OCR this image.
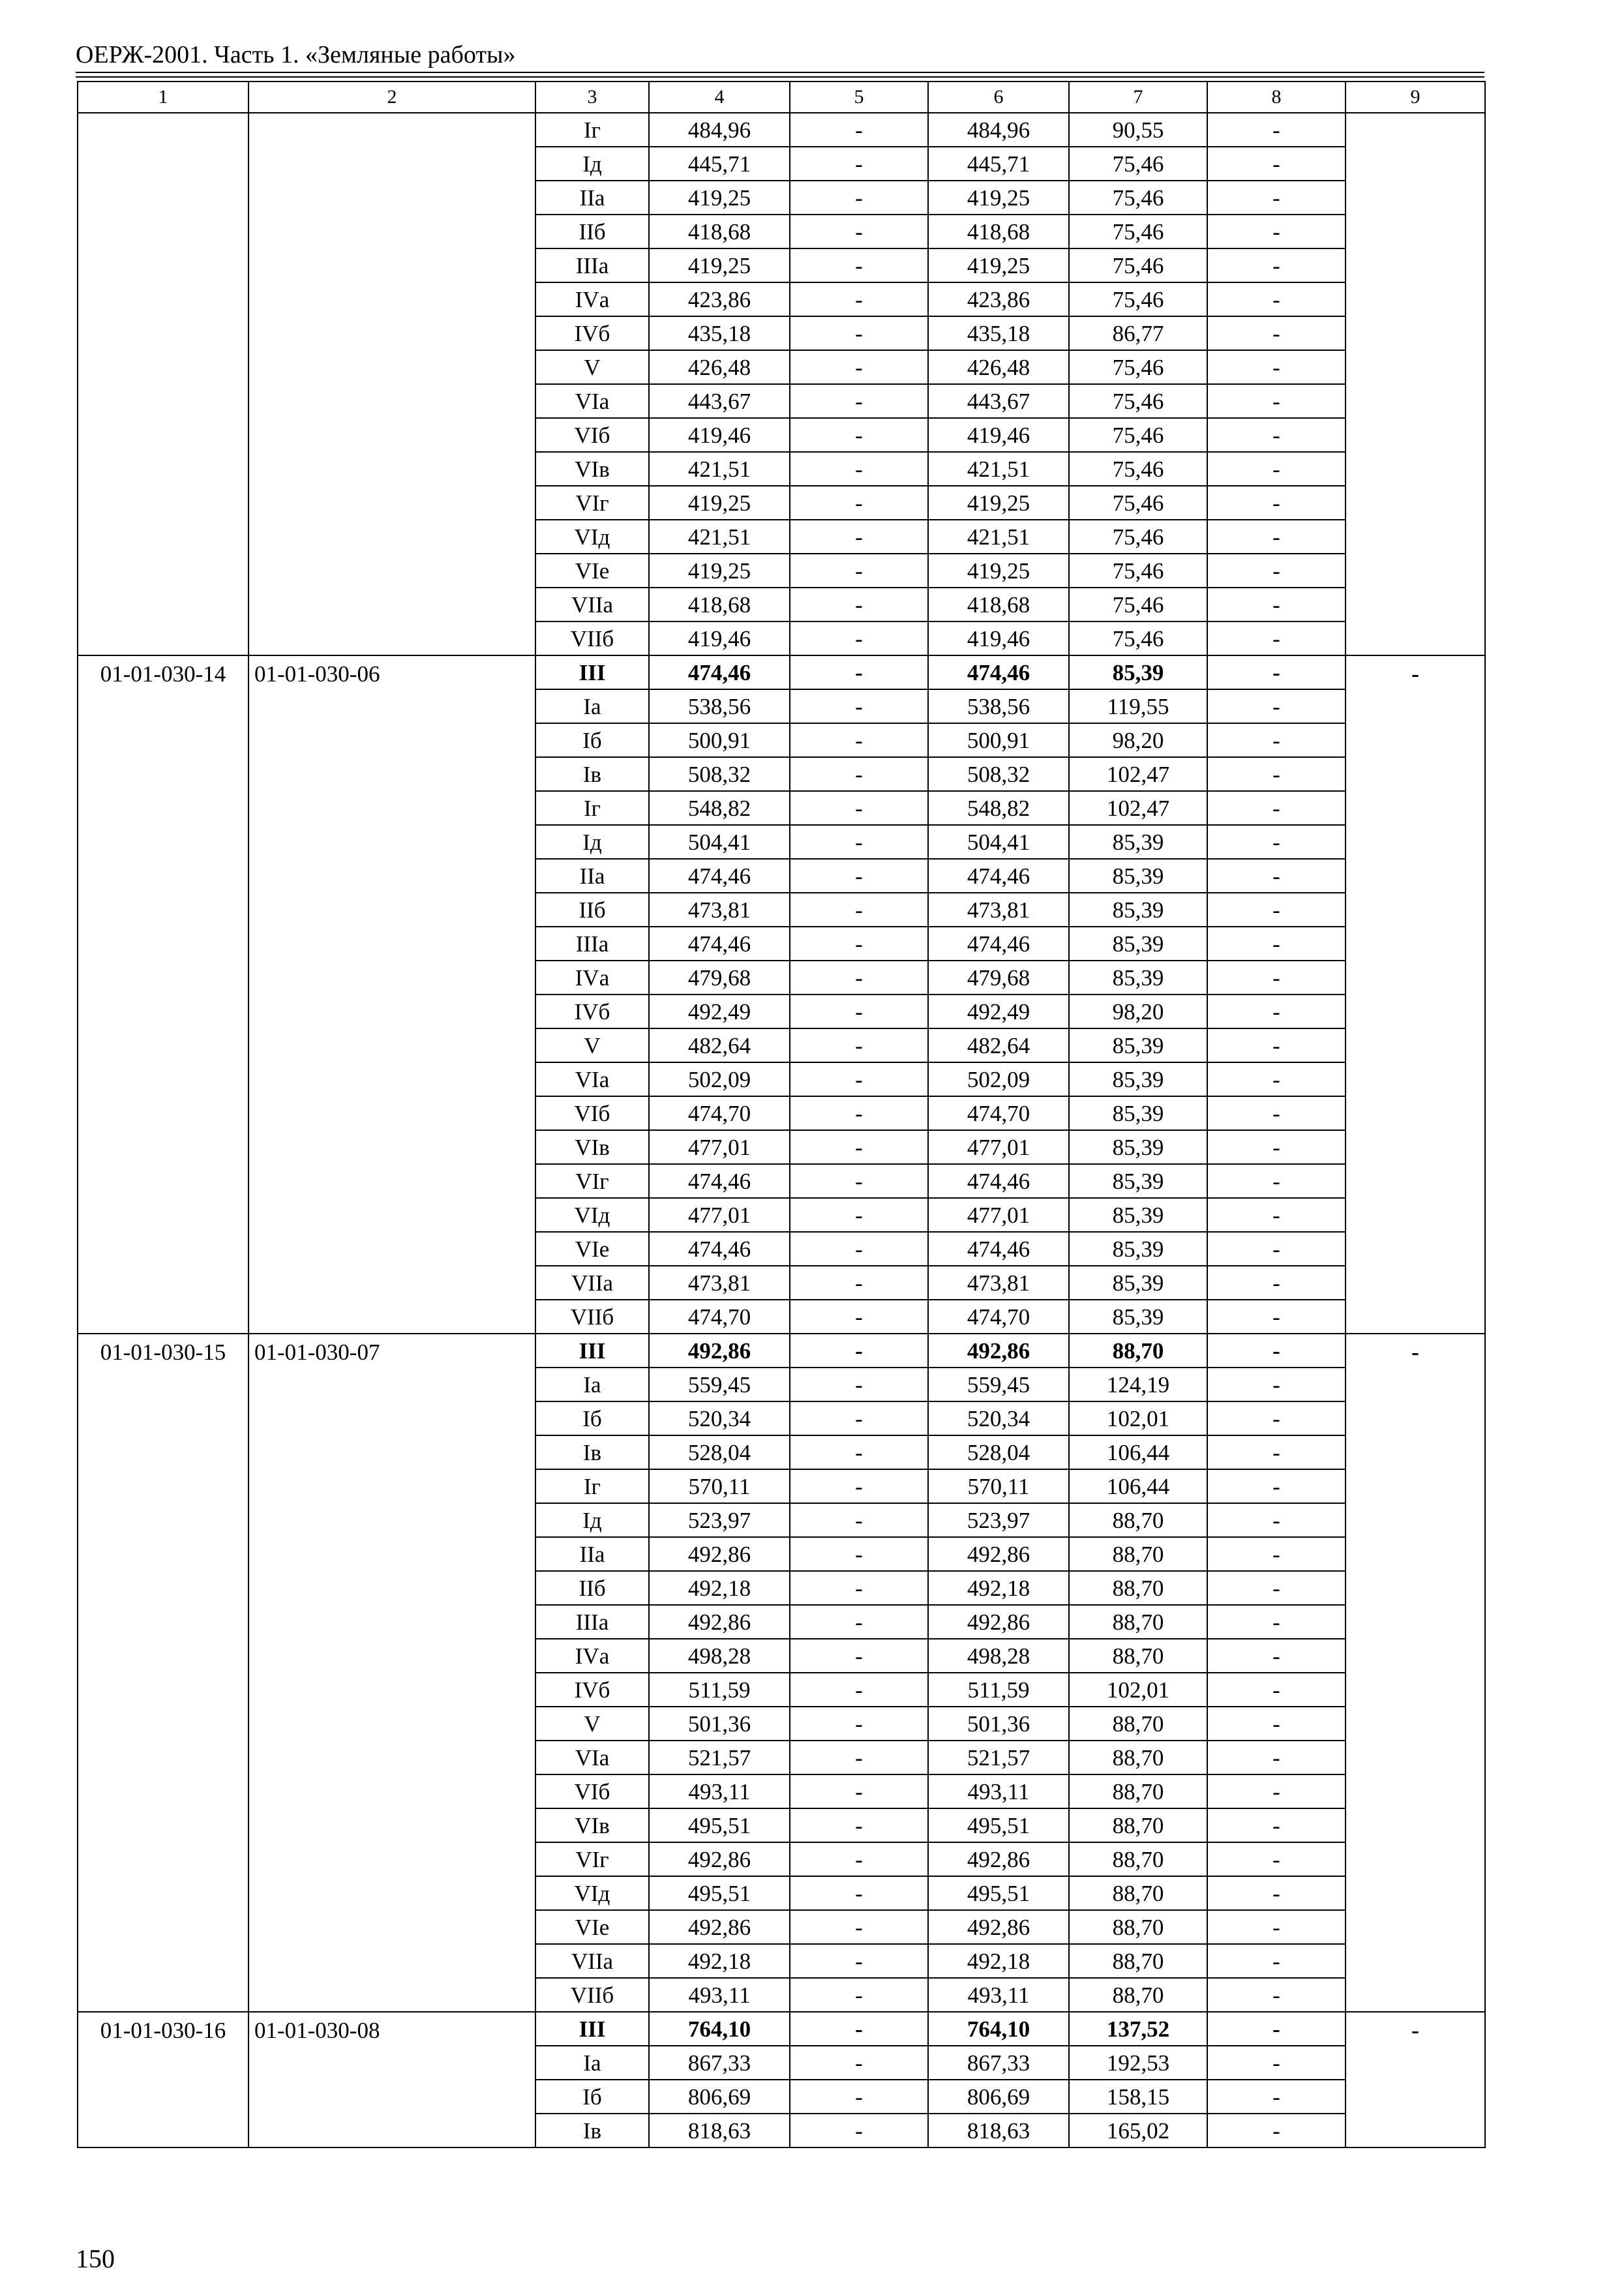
ОЕРЖ-2001. Часть 1. «Земляные работы»
1	2	3	4	5	6	7	8	9
		Iг	484,96	-	484,96	90,55	-	
		Iд	445,71	-	445,71	75,46	-	
		IIа	419,25	-	419,25	75,46	-	
		IIб	418,68	-	418,68	75,46	-	
		IIIа	419,25	-	419,25	75,46	-	
		IVа	423,86	-	423,86	75,46	-	
		IVб	435,18	-	435,18	86,77	-	
		V	426,48	-	426,48	75,46	-	
		VIа	443,67	-	443,67	75,46	-	
		VIб	419,46	-	419,46	75,46	-	
		VIв	421,51	-	421,51	75,46	-	
		VIг	419,25	-	419,25	75,46	-	
		VIд	421,51	-	421,51	75,46	-	
		VIе	419,25	-	419,25	75,46	-	
		VIIа	418,68	-	418,68	75,46	-	
		VIIб	419,46	-	419,46	75,46	-	
01-01-030-14	01-01-030-06	III	474,46	-	474,46	85,39	-	-
		Iа	538,56	-	538,56	119,55	-	
		Iб	500,91	-	500,91	98,20	-	
		Iв	508,32	-	508,32	102,47	-	
		Iг	548,82	-	548,82	102,47	-	
		Iд	504,41	-	504,41	85,39	-	
		IIа	474,46	-	474,46	85,39	-	
		IIб	473,81	-	473,81	85,39	-	
		IIIа	474,46	-	474,46	85,39	-	
		IVа	479,68	-	479,68	85,39	-	
		IVб	492,49	-	492,49	98,20	-	
		V	482,64	-	482,64	85,39	-	
		VIа	502,09	-	502,09	85,39	-	
		VIб	474,70	-	474,70	85,39	-	
		VIв	477,01	-	477,01	85,39	-	
		VIг	474,46	-	474,46	85,39	-	
		VIд	477,01	-	477,01	85,39	-	
		VIе	474,46	-	474,46	85,39	-	
		VIIа	473,81	-	473,81	85,39	-	
		VIIб	474,70	-	474,70	85,39	-	
01-01-030-15	01-01-030-07	III	492,86	-	492,86	88,70	-	-
		Iа	559,45	-	559,45	124,19	-	
		Iб	520,34	-	520,34	102,01	-	
		Iв	528,04	-	528,04	106,44	-	
		Iг	570,11	-	570,11	106,44	-	
		Iд	523,97	-	523,97	88,70	-	
		IIа	492,86	-	492,86	88,70	-	
		IIб	492,18	-	492,18	88,70	-	
		IIIа	492,86	-	492,86	88,70	-	
		IVа	498,28	-	498,28	88,70	-	
		IVб	511,59	-	511,59	102,01	-	
		V	501,36	-	501,36	88,70	-	
		VIа	521,57	-	521,57	88,70	-	
		VIб	493,11	-	493,11	88,70	-	
		VIв	495,51	-	495,51	88,70	-	
		VIг	492,86	-	492,86	88,70	-	
		VIд	495,51	-	495,51	88,70	-	
		VIе	492,86	-	492,86	88,70	-	
		VIIа	492,18	-	492,18	88,70	-	
		VIIб	493,11	-	493,11	88,70	-	
01-01-030-16	01-01-030-08	III	764,10	-	764,10	137,52	-	-
		Iа	867,33	-	867,33	192,53	-	
		Iб	806,69	-	806,69	158,15	-	
		Iв	818,63	-	818,63	165,02	-	
150
